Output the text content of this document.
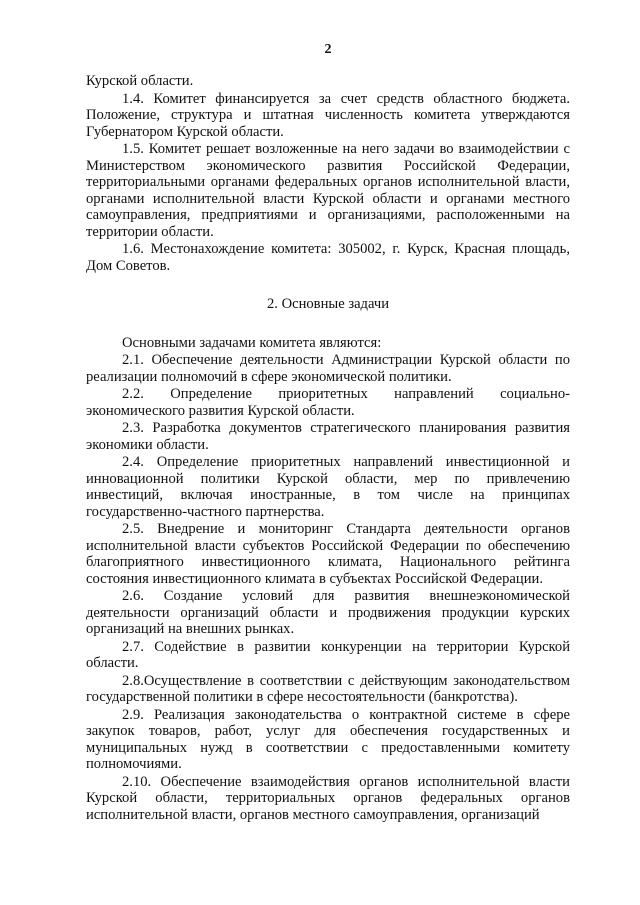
2

Курской области.

1.4. Комитет финансируется за счет средств областного бюджета. Положение, структура и штатная численность комитета утверждаются Губернатором Курской области.

1.5. Комитет решает возложенные на него задачи во взаимодействии с Министерством экономического развития Российской Федерации, территориальными органами федеральных органов исполнительной власти, органами исполнительной власти Курской области и органами местного самоуправления, предприятиями и организациями, расположенными на территории области.

1.6. Местонахождение комитета: 305002, г. Курск, Красная площадь, Дом Советов.

2. Основные задачи

Основными задачами комитета являются:

2.1. Обеспечение деятельности Администрации Курской области по реализации полномочий в сфере экономической политики.

2.2. Определение приоритетных направлений социально-экономического развития Курской области.

2.3. Разработка документов стратегического планирования развития экономики области.

2.4. Определение приоритетных направлений инвестиционной и инновационной политики Курской области, мер по привлечению инвестиций, включая иностранные, в том числе на принципах государственно-частного партнерства.

2.5. Внедрение и мониторинг Стандарта деятельности органов исполнительной власти субъектов Российской Федерации по обеспечению благоприятного инвестиционного климата, Национального рейтинга состояния инвестиционного климата в субъектах Российской Федерации.

2.6. Создание условий для развития внешнеэкономической деятельности организаций области и продвижения продукции курских организаций на внешних рынках.

2.7. Содействие в развитии конкуренции на территории Курской области.

2.8.Осуществление в соответствии с действующим законодательством государственной политики в сфере несостоятельности (банкротства).

2.9. Реализация законодательства о контрактной системе в сфере закупок товаров, работ, услуг для обеспечения государственных и муниципальных нужд в соответствии с предоставленными комитету полномочиями.

2.10. Обеспечение взаимодействия органов исполнительной власти Курской области, территориальных органов федеральных органов исполнительной власти, органов местного самоуправления, организаций
